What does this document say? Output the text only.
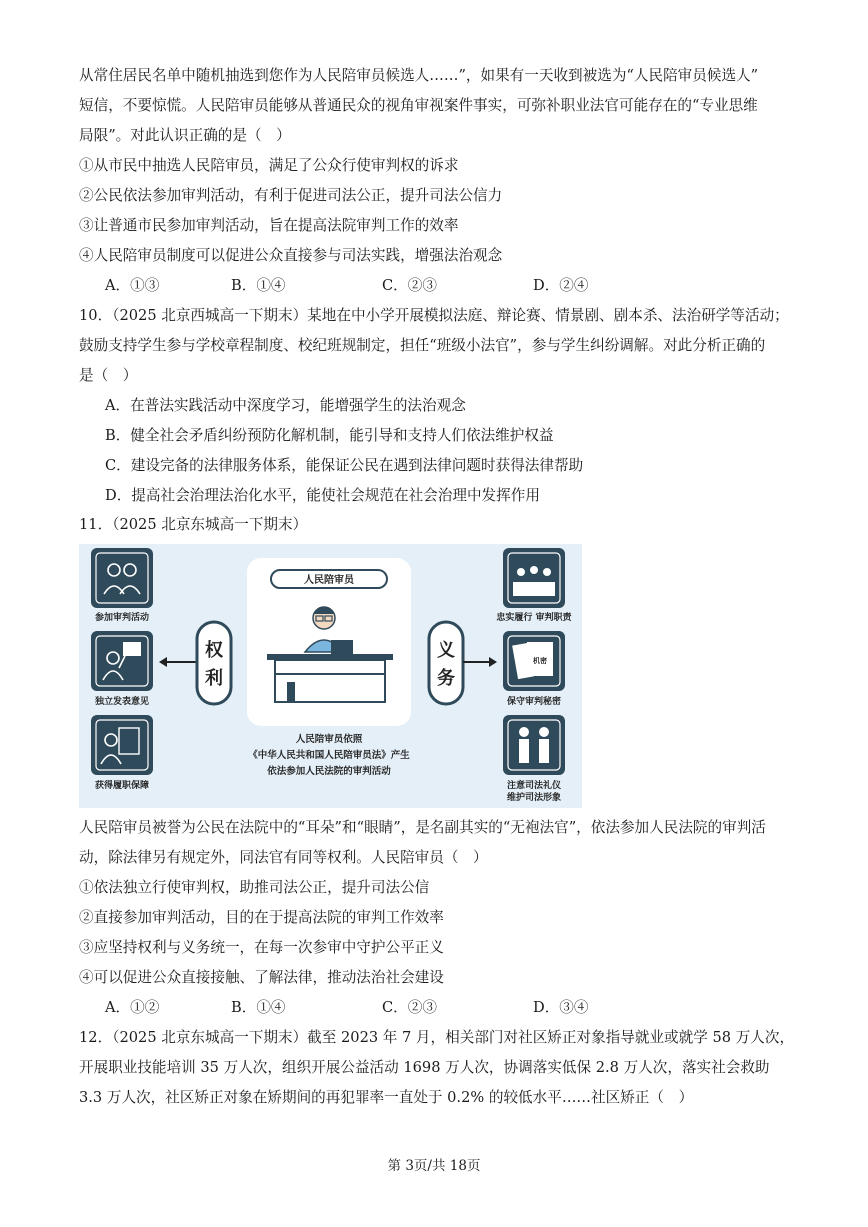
从常住居民名单中随机抽选到您作为人民陪审员候选人……”，如果有一天收到被选为“人民陪审员候选人”
短信，不要惊慌。人民陪审员能够从普通民众的视角审视案件事实，可弥补职业法官可能存在的“专业思维
局限”。对此认识正确的是（　）
①从市民中抽选人民陪审员，满足了公众行使审判权的诉求
②公民依法参加审判活动，有利于促进司法公正，提升司法公信力
③让普通市民参加审判活动，旨在提高法院审判工作的效率
④人民陪审员制度可以促进公众直接参与司法实践，增强法治观念
A．①③	B．①④	C．②③	D．②④
10．（2025 北京西城高一下期末）某地在中小学开展模拟法庭、辩论赛、情景剧、剧本杀、法治研学等活动；
鼓励支持学生参与学校章程制度、校纪班规制定，担任“班级小法官”，参与学生纠纷调解。对此分析正确的
是（　）
A．在普法实践活动中深度学习，能增强学生的法治观念
B．健全社会矛盾纠纷预防化解机制，能引导和支持人们依法维护权益
C．建设完备的法律服务体系，能保证公民在遇到法律问题时获得法律帮助
D．提高社会治理法治化水平，能使社会规范在社会治理中发挥作用
11．（2025 北京东城高一下期末）
参加审判活动
独立发表意见
获得履职保障
权
利
人民陪审员
人民陪审员依照
《中华人民共和国人民陪审员法》产生
依法参加人民法院的审判活动
义
务
忠实履行 审判职责
机密
保守审判秘密
注意司法礼仪
维护司法形象
人民陪审员被誉为公民在法院中的“耳朵”和“眼睛”，是名副其实的“无袍法官”，依法参加人民法院的审判活
动，除法律另有规定外，同法官有同等权利。人民陪审员（　）
①依法独立行使审判权，助推司法公正，提升司法公信
②直接参加审判活动，目的在于提高法院的审判工作效率
③应坚持权利与义务统一，在每一次参审中守护公平正义
④可以促进公众直接接触、了解法律，推动法治社会建设
A．①②	B．①④	C．②③	D．③④
12．（2025 北京东城高一下期末）截至 2023 年 7 月，相关部门对社区矫正对象指导就业或就学 58 万人次，
开展职业技能培训 35 万人次，组织开展公益活动 1698 万人次，协调落实低保 2.8 万人次，落实社会救助
3.3 万人次，社区矫正对象在矫期间的再犯罪率一直处于 0.2% 的较低水平……社区矫正（　）
第 3页/共 18页
